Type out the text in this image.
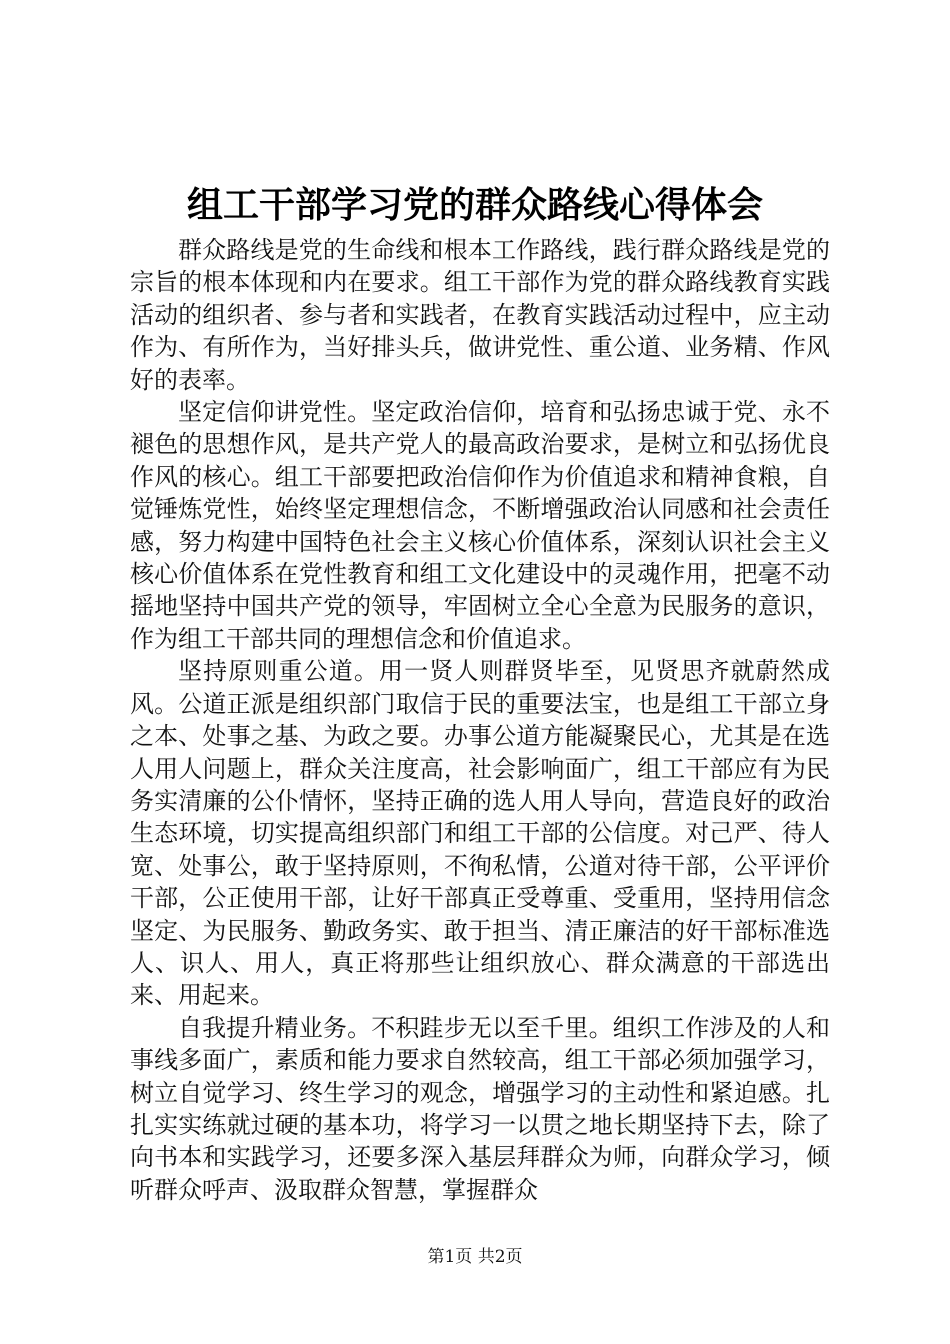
组工干部学习党的群众路线心得体会

群众路线是党的生命线和根本工作路线，践行群众路线是党的宗旨的根本体现和内在要求。组工干部作为党的群众路线教育实践活动的组织者、参与者和实践者，在教育实践活动过程中，应主动作为、有所作为，当好排头兵，做讲党性、重公道、业务精、作风好的表率。

坚定信仰讲党性。坚定政治信仰，培育和弘扬忠诚于党、永不褪色的思想作风，是共产党人的最高政治要求，是树立和弘扬优良作风的核心。组工干部要把政治信仰作为价值追求和精神食粮，自觉锤炼党性，始终坚定理想信念，不断增强政治认同感和社会责任感，努力构建中国特色社会主义核心价值体系，深刻认识社会主义核心价值体系在党性教育和组工文化建设中的灵魂作用，把毫不动摇地坚持中国共产党的领导，牢固树立全心全意为民服务的意识，作为组工干部共同的理想信念和价值追求。

坚持原则重公道。用一贤人则群贤毕至，见贤思齐就蔚然成风。公道正派是组织部门取信于民的重要法宝，也是组工干部立身之本、处事之基、为政之要。办事公道方能凝聚民心，尤其是在选人用人问题上，群众关注度高，社会影响面广，组工干部应有为民务实清廉的公仆情怀，坚持正确的选人用人导向，营造良好的政治生态环境，切实提高组织部门和组工干部的公信度。对己严、待人宽、处事公，敢于坚持原则，不徇私情，公道对待干部，公平评价干部，公正使用干部，让好干部真正受尊重、受重用，坚持用信念坚定、为民服务、勤政务实、敢于担当、清正廉洁的好干部标准选人、识人、用人，真正将那些让组织放心、群众满意的干部选出来、用起来。

自我提升精业务。不积跬步无以至千里。组织工作涉及的人和事线多面广，素质和能力要求自然较高，组工干部必须加强学习，树立自觉学习、终生学习的观念，增强学习的主动性和紧迫感。扎扎实实练就过硬的基本功，将学习一以贯之地长期坚持下去，除了向书本和实践学习，还要多深入基层拜群众为师，向群众学习，倾听群众呼声、汲取群众智慧，掌握群众

第1页 共2页
